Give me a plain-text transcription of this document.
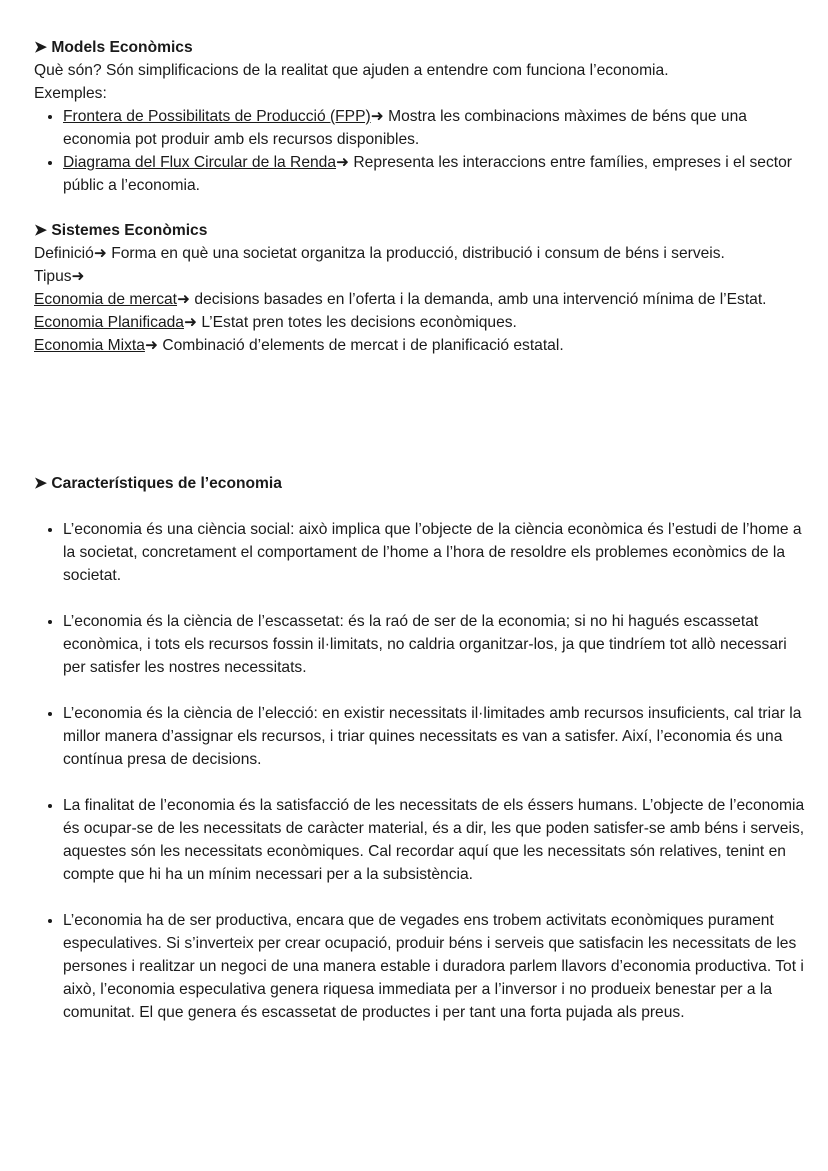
➤ Models Econòmics

Què són? Són simplificacions de la realitat que ajuden a entendre com funciona l’economia.

Exemples:

• Frontera de Possibilitats de Producció (FPP)➜ Mostra les combinacions màximes de béns que una economia pot produir amb els recursos disponibles.
• Diagrama del Flux Circular de la Renda➜ Representa les interaccions entre famílies, empreses i el sector públic a l’economia.

➤ Sistemes Econòmics

Definició➜ Forma en què una societat organitza la producció, distribució i consum de béns i serveis.

Tipus➜

Economia de mercat➜ decisions basades en l’oferta i la demanda, amb una intervenció mínima de l’Estat.

Economia Planificada➜ L’Estat pren totes les decisions econòmiques.

Economia Mixta➜ Combinació d’elements de mercat i de planificació estatal.

➤ Característiques de l’economia

• L’economia és una ciència social: això implica que l’objecte de la ciència econòmica és l’estudi de l’home a la societat, concretament el comportament de l’home a l’hora de resoldre els problemes econòmics de la societat.
• L’economia és la ciència de l’escassetat: és la raó de ser de la economia; si no hi hagués escassetat econòmica, i tots els recursos fossin il·limitats, no caldria organitzar-los, ja que tindríem tot allò necessari per satisfer les nostres necessitats.
• L’economia és la ciència de l’elecció: en existir necessitats il·limitades amb recursos insuficients, cal triar la millor manera d’assignar els recursos, i triar quines necessitats es van a satisfer. Així, l’economia és una contínua presa de decisions.
• La finalitat de l’economia és la satisfacció de les necessitats de els éssers humans. L’objecte de l’economia és ocupar-se de les necessitats de caràcter material, és a dir, les que poden satisfer-se amb béns i serveis, aquestes són les necessitats econòmiques. Cal recordar aquí que les necessitats són relatives, tenint en compte que hi ha un mínim necessari per a la subsistència.
• L’economia ha de ser productiva, encara que de vegades ens trobem activitats econòmiques purament especulatives. Si s’inverteix per crear ocupació, produir béns i serveis que satisfacin les necessitats de les persones i realitzar un negoci de una manera estable i duradora parlem llavors d’economia productiva. Tot i això, l’economia especulativa genera riquesa immediata per a l’inversor i no produeix benestar per a la comunitat. El que genera és escassetat de productes i per tant una forta pujada als preus.
